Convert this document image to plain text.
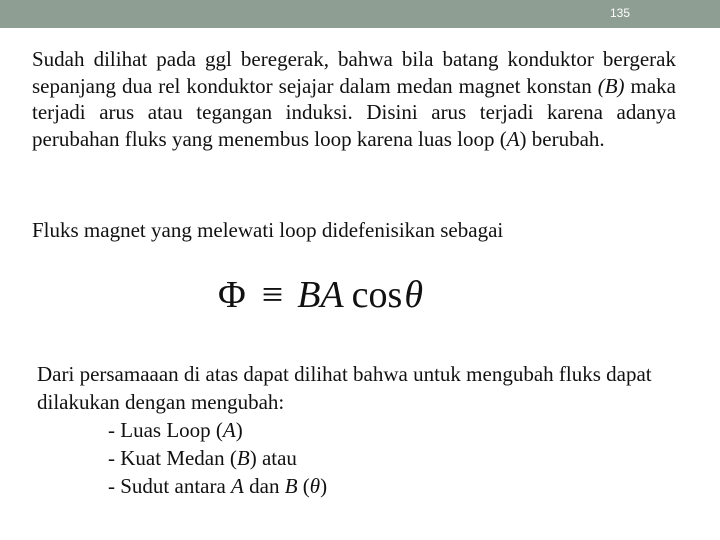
135

Sudah dilihat pada ggl beregerak, bahwa bila batang konduktor bergerak sepanjang dua rel konduktor sejajar dalam medan magnet konstan (B) maka terjadi arus atau tegangan induksi. Disini arus terjadi karena adanya perubahan fluks yang menembus loop karena luas loop (A) berubah.

Fluks magnet yang melewati loop didefenisikan sebagai

Φ ≡ BA cosθ

Dari persamaaan di atas dapat dilihat bahwa untuk mengubah fluks dapat dilakukan dengan mengubah:

- Luas Loop (A)
- Kuat Medan (B) atau
- Sudut antara A dan B (θ)
